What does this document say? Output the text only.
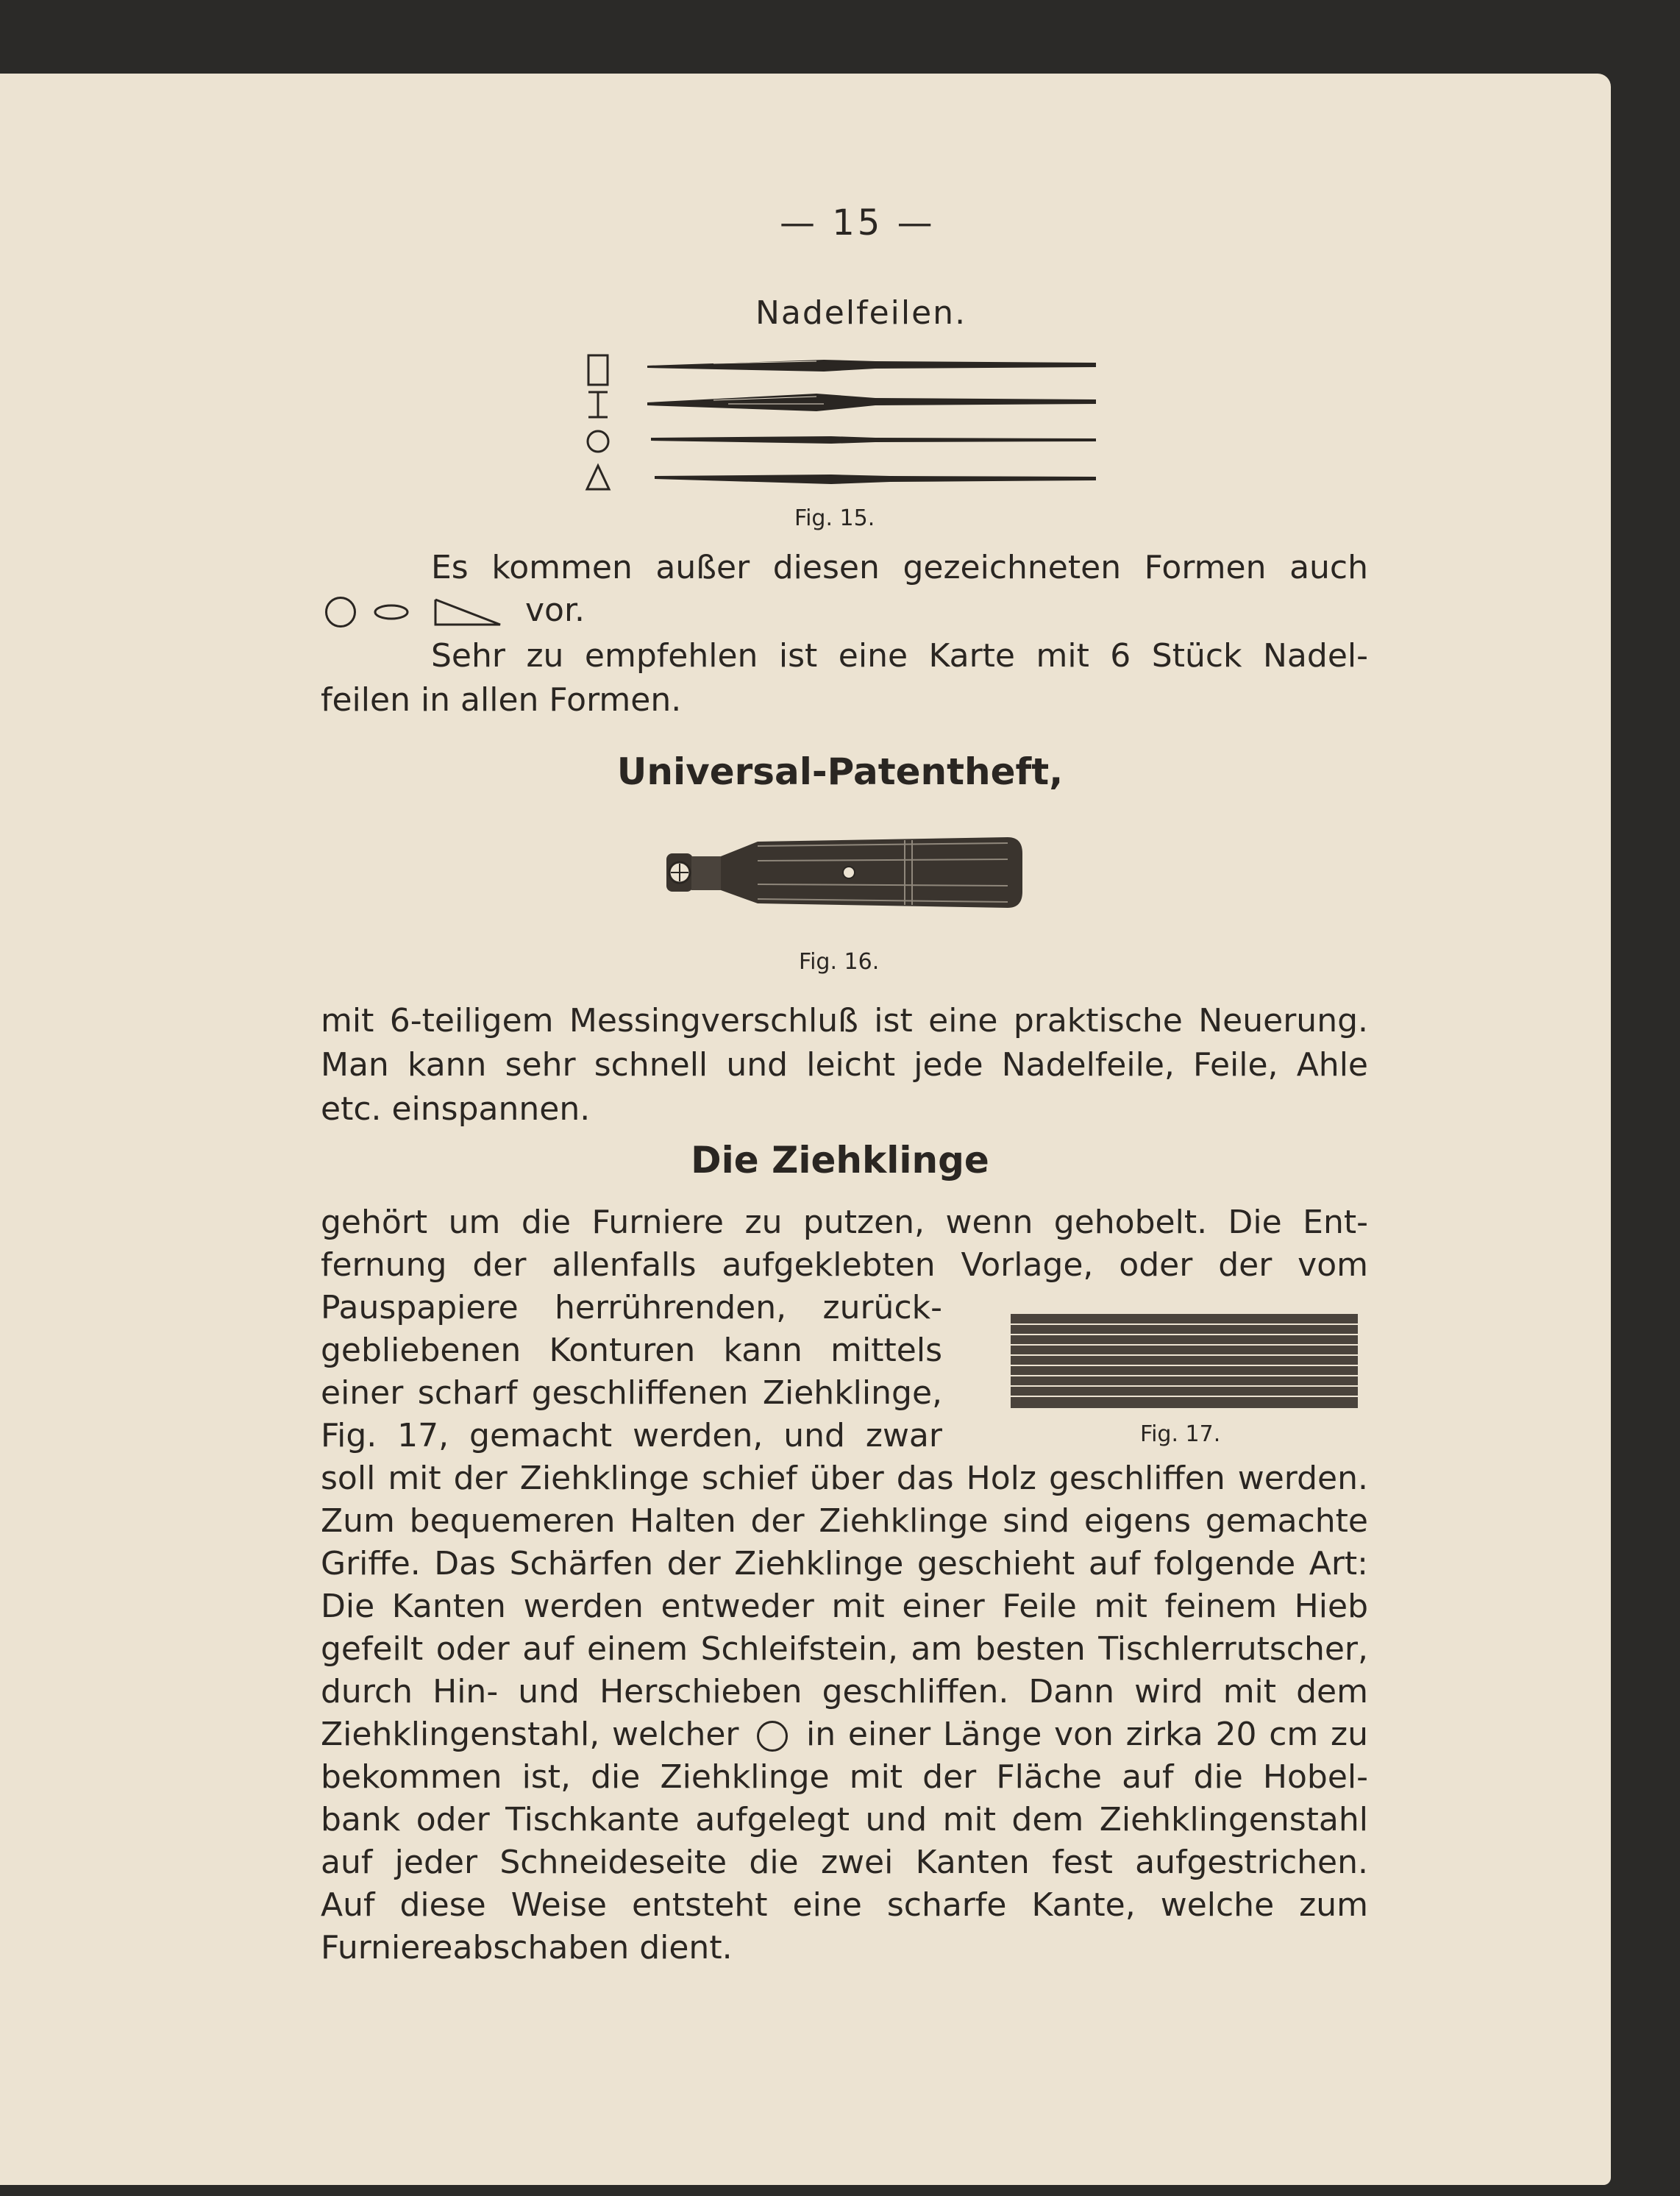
— 15 —
Nadelfeilen.
Fig. 15.
Es kommen außer diesen gezeichneten Formen auch
vor.
Sehr zu empfehlen ist eine Karte mit 6 Stück Nadel-
feilen in allen Formen.
Universal-Patentheft,
Fig. 16.
mit 6-teiligem Messingverschluß ist eine praktische Neuerung.
Man kann sehr schnell und leicht jede Nadelfeile, Feile, Ahle
etc. einspannen.
Die Ziehklinge
gehört um die Furniere zu putzen, wenn gehobelt. Die Ent-
fernung der allenfalls aufgeklebten Vorlage, oder der vom
Pauspapiere herrührenden, zurück-
gebliebenen Konturen kann mittels
einer scharf geschliffenen Ziehklinge,
Fig. 17, gemacht werden, und zwar	Fig. 17.
soll mit der Ziehklinge schief über das Holz geschliffen werden.
Zum bequemeren Halten der Ziehklinge sind eigens gemachte
Griffe. Das Schärfen der Ziehklinge geschieht auf folgende Art:
Die Kanten werden entweder mit einer Feile mit feinem Hieb
gefeilt oder auf einem Schleifstein, am besten Tischlerrutscher,
durch Hin- und Herschieben geschliffen. Dann wird mit dem
Ziehklingenstahl, welcher in einer Länge von zirka 20 cm zu
bekommen ist, die Ziehklinge mit der Fläche auf die Hobel-
bank oder Tischkante aufgelegt und mit dem Ziehklingenstahl
auf jeder Schneideseite die zwei Kanten fest aufgestrichen.
Auf diese Weise entsteht eine scharfe Kante, welche zum
Furniereabschaben dient.
